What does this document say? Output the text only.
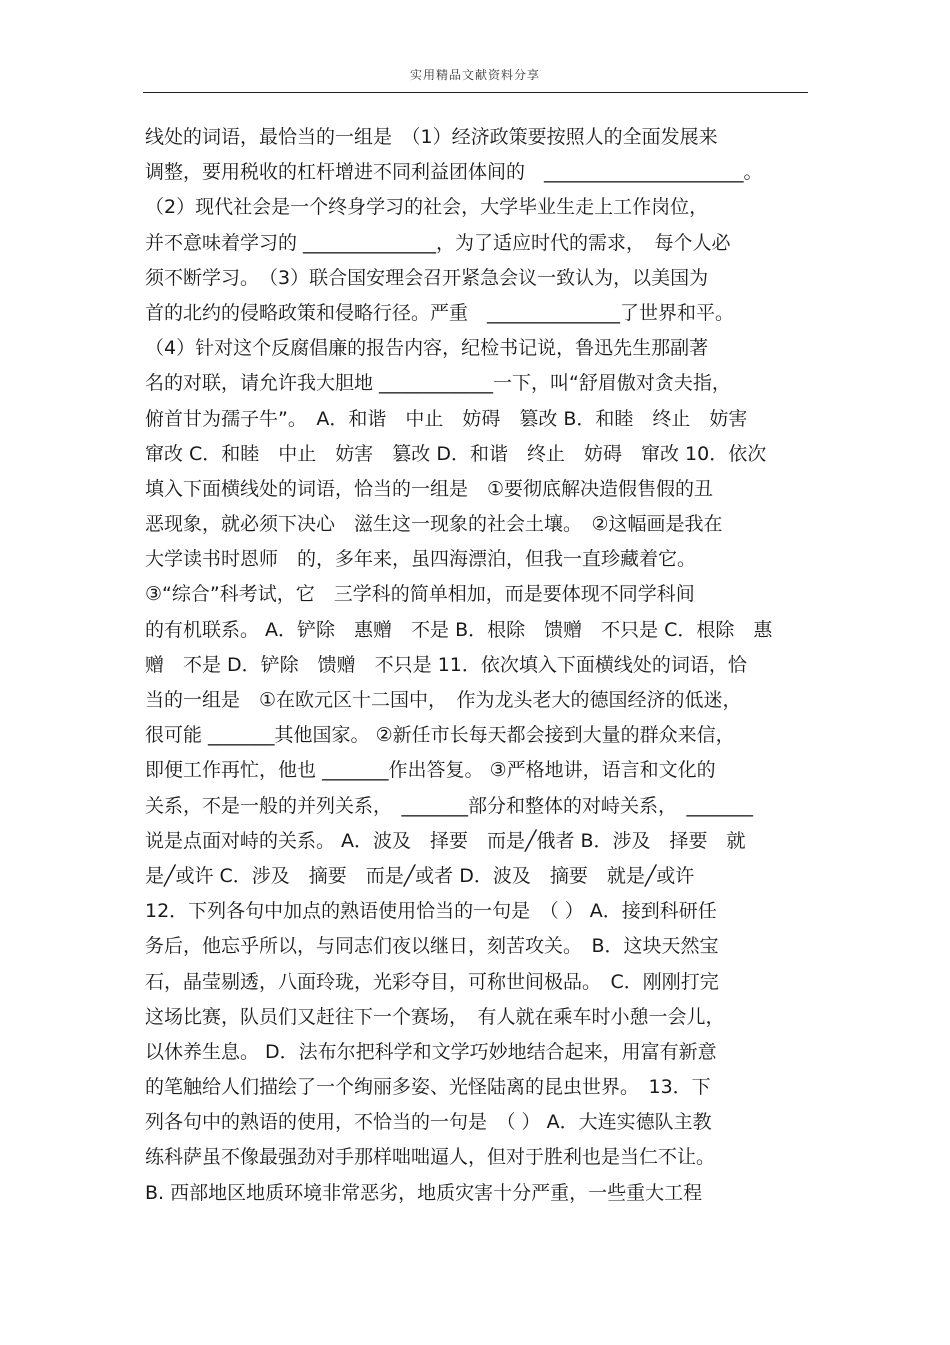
实用精品文献资料分享
线处的词语，最恰当的一组是　（1）经济政策要按照人的全面发展来
调整，要用税收的杠杆增进不同利益团体间的　_____________________。
（2）现代社会是一个终身学习的社会，大学毕业生走上工作岗位，
并不意味着学习的 ______________，为了适应时代的需求，　每个人必
须不断学习。　（3）联合国安理会召开紧急会议一致认为，以美国为
首的北约的侵略政策和侵略行径。严重　______________了世界和平。
（4）针对这个反腐倡廉的报告内容，纪检书记说，鲁迅先生那副著
名的对联，请允许我大胆地 ____________一下，叫“舒眉傲对贪夫指，
俯首甘为孺子牛”。　A．和谐　中止　妨碍　篡改 B．和睦　终止　妨害
窜改 C．和睦　中止　妨害　篡改 D．和谐　终止　妨碍　窜改 10．依次
填入下面横线处的词语，恰当的一组是　①要彻底解决造假售假的丑
恶现象，就必须下决心　滋生这一现象的社会土壤。　②这幅画是我在
大学读书时恩师　的，多年来，虽四海漂泊，但我一直珍藏着它。
③“综合”科考试，它　三学科的简单相加，而是要体现不同学科间
的有机联系。 A．铲除　惠赠　不是 B．根除　馈赠　不只是 C．根除　惠
赠　不是 D．铲除　馈赠　不只是 11．依次填入下面横线处的词语，恰
当的一组是　①在欧元区十二国中，　作为龙头老大的德国经济的低迷，
很可能 _______其他国家。 ②新任市长每天都会接到大量的群众来信，
即便工作再忙，他也 _______作出答复。 ③严格地讲，语言和文化的
关系，不是一般的并列关系，　_______部分和整体的对峙关系，　_______
说是点面对峙的关系。 A．波及　择要　而是╱俄者 B．涉及　择要　就
是╱或许 C．涉及　摘要　而是╱或者 D．波及　摘要　就是╱或许
12．下列各句中加点的熟语使用恰当的一句是　（ ） A．接到科研任
务后，他忘乎所以，与同志们夜以继日，刻苦攻关。　B．这块天然宝
石，晶莹剔透，八面玲珑，光彩夺目，可称世间极品。　C．刚刚打完
这场比赛，队员们又赶往下一个赛场，　有人就在乘车时小憩一会儿，
以休养生息。 D．法布尔把科学和文学巧妙地结合起来，用富有新意
的笔触给人们描绘了一个绚丽多姿、光怪陆离的昆虫世界。　13．下
列各句中的熟语的使用，不恰当的一句是　（ ） A．大连实德队主教
练科萨虽不像最强劲对手那样咄咄逼人，但对于胜利也是当仁不让。
B. 西部地区地质环境非常恶劣，地质灾害十分严重，一些重大工程
